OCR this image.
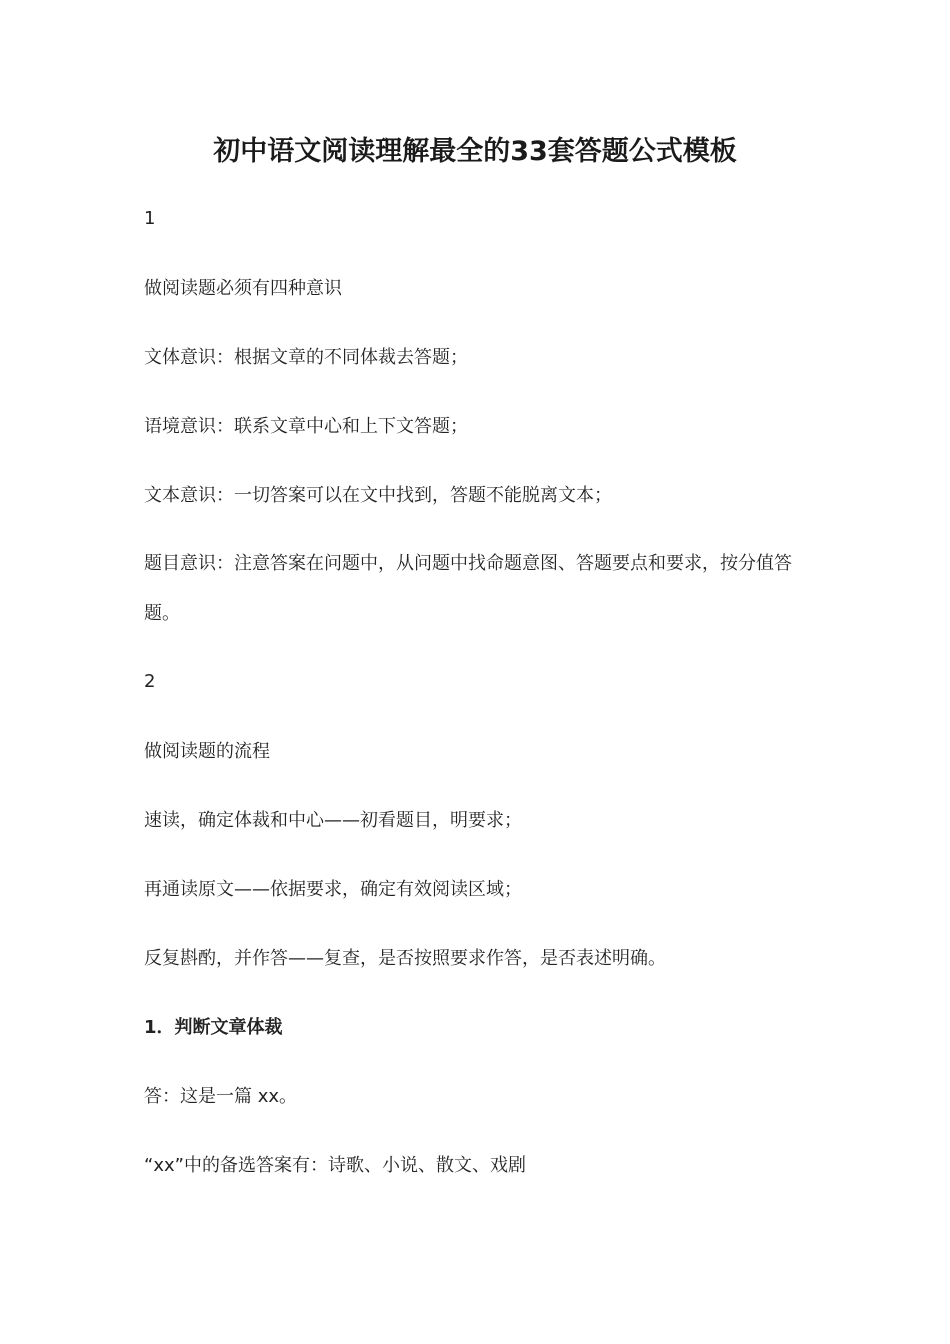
初中语文阅读理解最全的33套答题公式模板

1

做阅读题必须有四种意识

文体意识：根据文章的不同体裁去答题；

语境意识：联系文章中心和上下文答题；

文本意识：一切答案可以在文中找到，答题不能脱离文本；

题目意识：注意答案在问题中，从问题中找命题意图、答题要点和要求，按分值答题。

2

做阅读题的流程

速读，确定体裁和中心——初看题目，明要求；

再通读原文——依据要求，确定有效阅读区域；

反复斟酌，并作答——复查，是否按照要求作答，是否表述明确。

1．判断文章体裁

答：这是一篇 xx。

“xx”中的备选答案有：诗歌、小说、散文、戏剧
